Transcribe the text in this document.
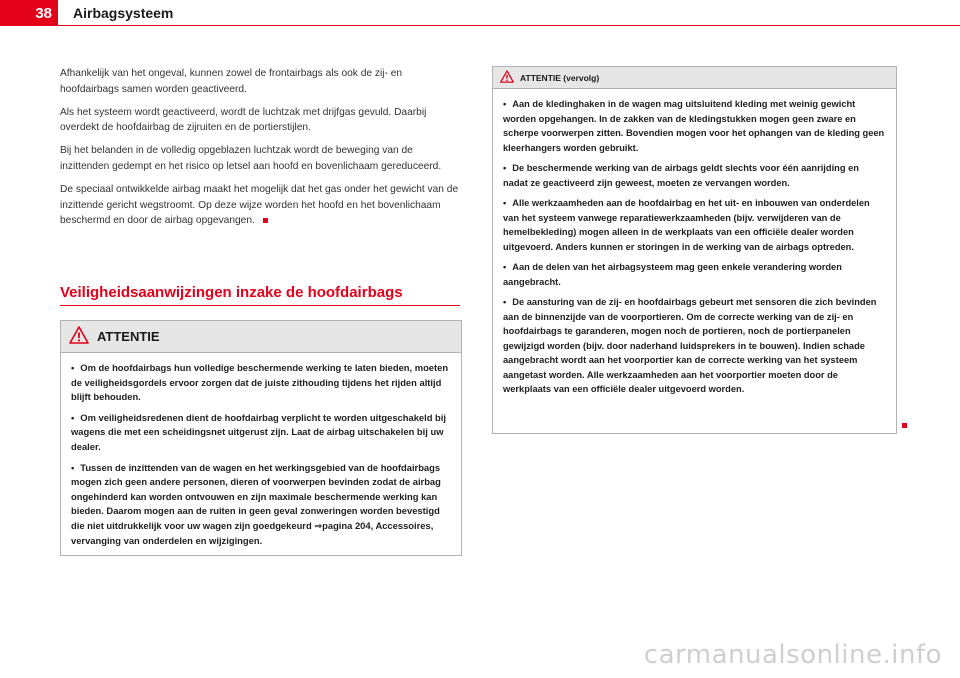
38	Airbagsysteem

Afhankelijk van het ongeval, kunnen zowel de frontairbags als ook de zij- en hoofdairbags samen worden geactiveerd.

Als het systeem wordt geactiveerd, wordt de luchtzak met drijfgas gevuld. Daarbij overdekt de hoofdairbag de zijruiten en de portierstijlen.

Bij het belanden in de volledig opgeblazen luchtzak wordt de beweging van de inzittenden gedempt en het risico op letsel aan hoofd en bovenlichaam gereduceerd.

De speciaal ontwikkelde airbag maakt het mogelijk dat het gas onder het gewicht van de inzittende gericht wegstroomt. Op deze wijze worden het hoofd en het bovenlichaam beschermd en door de airbag opgevangen.

Veiligheidsaanwijzingen inzake de hoofdairbags
ATTENTIE

• Om de hoofdairbags hun volledige beschermende werking te laten bieden, moeten de veiligheidsgordels ervoor zorgen dat de juiste zithouding tijdens het rijden altijd blijft behouden.

• Om veiligheidsredenen dient de hoofdairbag verplicht te worden uitgeschakeld bij wagens die met een scheidingsnet uitgerust zijn. Laat de airbag uitschakelen bij uw dealer.

• Tussen de inzittenden van de wagen en het werkingsgebied van de hoofdairbags mogen zich geen andere personen, dieren of voorwerpen bevinden zodat de airbag ongehinderd kan worden ontvouwen en zijn maximale beschermende werking kan bieden. Daarom mogen aan de ruiten in geen geval zonweringen worden bevestigd die niet uitdrukkelijk voor uw wagen zijn goedgekeurd ⇒pagina 204, Accessoires, vervanging van onderdelen en wijzigingen.

ATTENTIE (vervolg)

• Aan de kledinghaken in de wagen mag uitsluitend kleding met weinig gewicht worden opgehangen. In de zakken van de kledingstukken mogen geen zware en scherpe voorwerpen zitten. Bovendien mogen voor het ophangen van de kleding geen kleerhangers worden gebruikt.

• De beschermende werking van de airbags geldt slechts voor één aanrijding en nadat ze geactiveerd zijn geweest, moeten ze vervangen worden.

• Alle werkzaamheden aan de hoofdairbag en het uit- en inbouwen van onderdelen van het systeem vanwege reparatiewerkzaamheden (bijv. verwijderen van de hemelbekleding) mogen alleen in de werkplaats van een officiële dealer worden uitgevoerd. Anders kunnen er storingen in de werking van de airbags optreden.

• Aan de delen van het airbagsysteem mag geen enkele verandering worden aangebracht.

• De aansturing van de zij- en hoofdairbags gebeurt met sensoren die zich bevinden aan de binnenzijde van de voorportieren. Om de correcte werking van de zij- en hoofdairbags te garanderen, mogen noch de portieren, noch de portierpanelen gewijzigd worden (bijv. door naderhand luidsprekers in te bouwen). Indien schade aangebracht wordt aan het voorportier kan de correcte werking van het systeem aangetast worden. Alle werkzaamheden aan het voorportier moeten door de werkplaats van een officiële dealer uitgevoerd worden.

carmanualsonline.info
